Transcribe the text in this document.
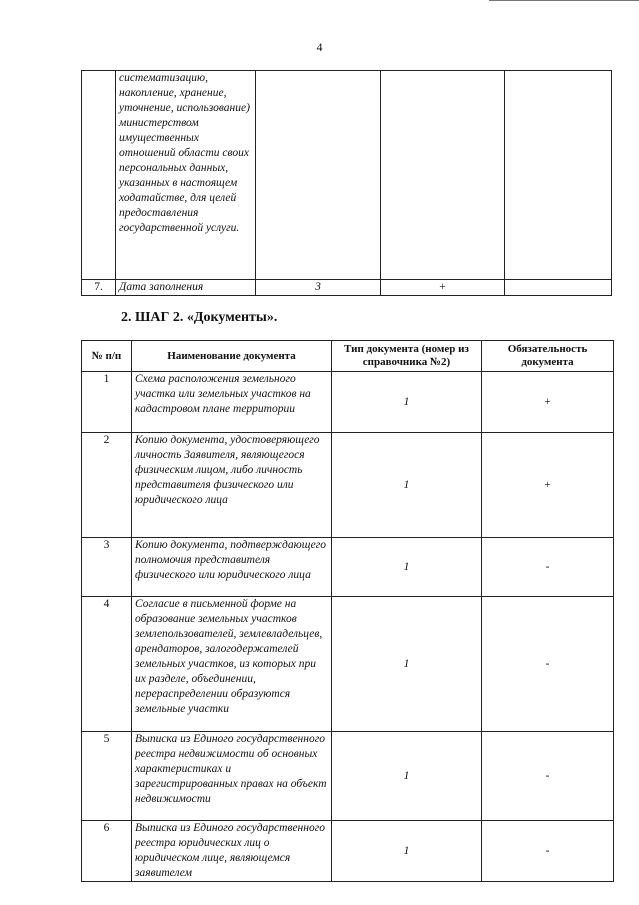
4
	систематизацию, накопление, хранение, уточнение, использование) министерством имущественных отношений области своих персональных данных, указанных в настоящем ходатайстве, для целей предоставления государственной услуги.			
7.	Дата заполнения	3	+	
2. ШАГ 2. «Документы».
№ п/п	Наименование документа	Тип документа (номер из справочника №2)	Обязательность документа
1	Схема расположения земельного участка или земельных участков на кадастровом плане территории	1	+
2	Копию документа, удостоверяющего личность Заявителя, являющегося физическим лицом, либо личность представителя физического или юридического лица	1	+
3	Копию документа, подтверждающего полномочия представителя физического или юридического лица	1	-
4	Согласие в письменной форме на образование земельных участков землепользователей, землевладельцев, арендаторов, залогодержателей земельных участков, из которых при их разделе, объединении, перераспределении образуются земельные участки	1	-
5	Выписка из Единого государственного реестра недвижимости об основных характеристиках и зарегистрированных правах на объект недвижимости	1	-
6	Выписка из Единого государственного реестра юридических лиц о юридическом лице, являющемся заявителем	1	-
